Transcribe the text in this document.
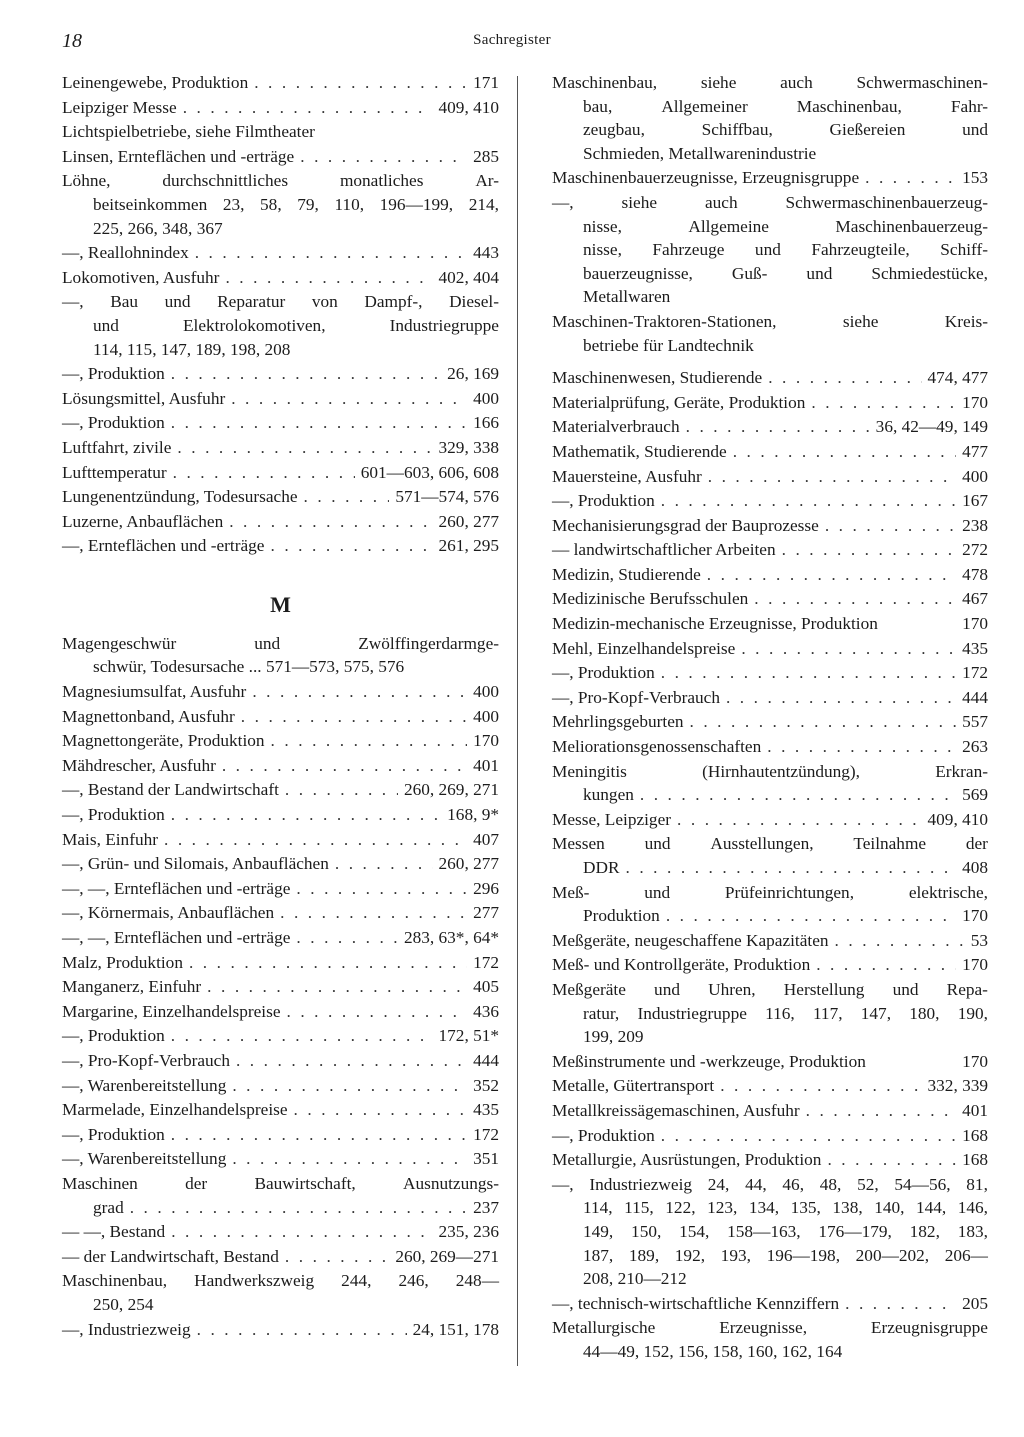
18	Sachregister
Leinengewebe, Produktion . . .	171
Leipziger Messe . . .	409, 410
Lichtspielbetriebe, siehe Filmtheater
Linsen, Ernteflächen und -erträge . . .	285
Löhne,	durchschnittliches	monatliches	Ar-
beitseinkommen 23, 58, 79, 110, 196—199, 214,
225, 266, 348, 367
—, Reallohnindex . . .	443
Lokomotiven, Ausfuhr . . .	402, 404
—, Bau und Reparatur von Dampf-, Diesel-
und	Elektrolokomotiven,	Industriegruppe
114, 115, 147, 189, 198, 208
—, Produktion . . .	26, 169
Lösungsmittel, Ausfuhr . . .	400
—, Produktion . . .	166
Luftfahrt, zivile . . .	329, 338
Lufttemperatur . . .	601—603, 606, 608
Lungenentzündung, Todesursache . . .	571—574, 576
Luzerne, Anbauflächen . . .	260, 277
—, Ernteflächen und -erträge . . .	261, 295
M
Magengeschwür	und	Zwölffingerdarmge-
schwür, Todesursache ... 571—573, 575, 576
Magnesiumsulfat, Ausfuhr . . .	400
Magnettonband, Ausfuhr . . .	400
Magnettongeräte, Produktion . . .	170
Mähdrescher, Ausfuhr . . .	401
—, Bestand der Landwirtschaft . . .	260, 269, 271
—, Produktion . . .	168, 9*
Mais, Einfuhr . . .	407
—, Grün- und Silomais, Anbauflächen . . .	260, 277
—, —, Ernteflächen und -erträge . . .	296
—, Körnermais, Anbauflächen . . .	277
—, —, Ernteflächen und -erträge . . .	283, 63*, 64*
Malz, Produktion . . .	172
Manganerz, Einfuhr . . .	405
Margarine, Einzelhandelspreise . . .	436
—, Produktion . . .	172, 51*
—, Pro-Kopf-Verbrauch . . .	444
—, Warenbereitstellung . . .	352
Marmelade, Einzelhandelspreise . . .	435
—, Produktion . . .	172
—, Warenbereitstellung . . .	351
Maschinen	der	Bauwirtschaft,	Ausnutzungs-
grad . . .	237
— —, Bestand . . .	235, 236
— der Landwirtschaft, Bestand . . .	260, 269—271
Maschinenbau, Handwerkszweig 244, 246, 248—
250, 254
—, Industriezweig . . .	24, 151, 178
Maschinenbau,	siehe	auch	Schwermaschinen-
bau,	Allgemeiner	Maschinenbau,	Fahr-
zeugbau,	Schiffbau,	Gießereien	und
Schmieden, Metallwarenindustrie
Maschinenbauerzeugnisse, Erzeugnisgruppe . . .	153
—,	siehe	auch	Schwermaschinenbauerzeug-
nisse,	Allgemeine	Maschinenbauerzeug-
nisse, Fahrzeuge und Fahrzeugteile, Schiff-
bauerzeugnisse, Guß- und Schmiedestücke,
Metallwaren
Maschinen-Traktoren-Stationen,	siehe	Kreis-
betriebe für Landtechnik
Maschinenwesen, Studierende . . .	474, 477
Materialprüfung, Geräte, Produktion . . .	170
Materialverbrauch . . .	36, 42—49, 149
Mathematik, Studierende . . .	477
Mauersteine, Ausfuhr . . .	400
—, Produktion . . .	167
Mechanisierungsgrad der Bauprozesse . . .	238
— landwirtschaftlicher Arbeiten . . .	272
Medizin, Studierende . . .	478
Medizinische Berufsschulen . . .	467
Medizin-mechanische Erzeugnisse, Produktion	170
Mehl, Einzelhandelspreise . . .	435
—, Produktion . . .	172
—, Pro-Kopf-Verbrauch . . .	444
Mehrlingsgeburten . . .	557
Meliorationsgenossenschaften . . .	263
Meningitis	(Hirnhautentzündung),	Erkran-
kungen . . .	569
Messe, Leipziger . . .	409, 410
Messen und Ausstellungen, Teilnahme der
DDR . . .	408
Meß-	und	Prüfeinrichtungen,	elektrische,
Produktion . . .	170
Meßgeräte, neugeschaffene Kapazitäten . . .	53
Meß- und Kontrollgeräte, Produktion . . .	170
Meßgeräte und Uhren, Herstellung und Repa-
ratur, Industriegruppe 116, 117, 147, 180, 190,
199, 209
Meßinstrumente und -werkzeuge, Produktion	170
Metalle, Gütertransport . . .	332, 339
Metallkreissägemaschinen, Ausfuhr . . .	401
—, Produktion . . .	168
Metallurgie, Ausrüstungen, Produktion . . .	168
—, Industriezweig 24, 44, 46, 48, 52, 54—56, 81,
114, 115, 122, 123, 134, 135, 138, 140, 144, 146,
149, 150, 154, 158—163, 176—179, 182, 183,
187, 189, 192, 193, 196—198, 200—202, 206—
208, 210—212
—, technisch-wirtschaftliche Kennziffern . . .	205
Metallurgische	Erzeugnisse,	Erzeugnisgruppe
44—49, 152, 156, 158, 160, 162, 164
